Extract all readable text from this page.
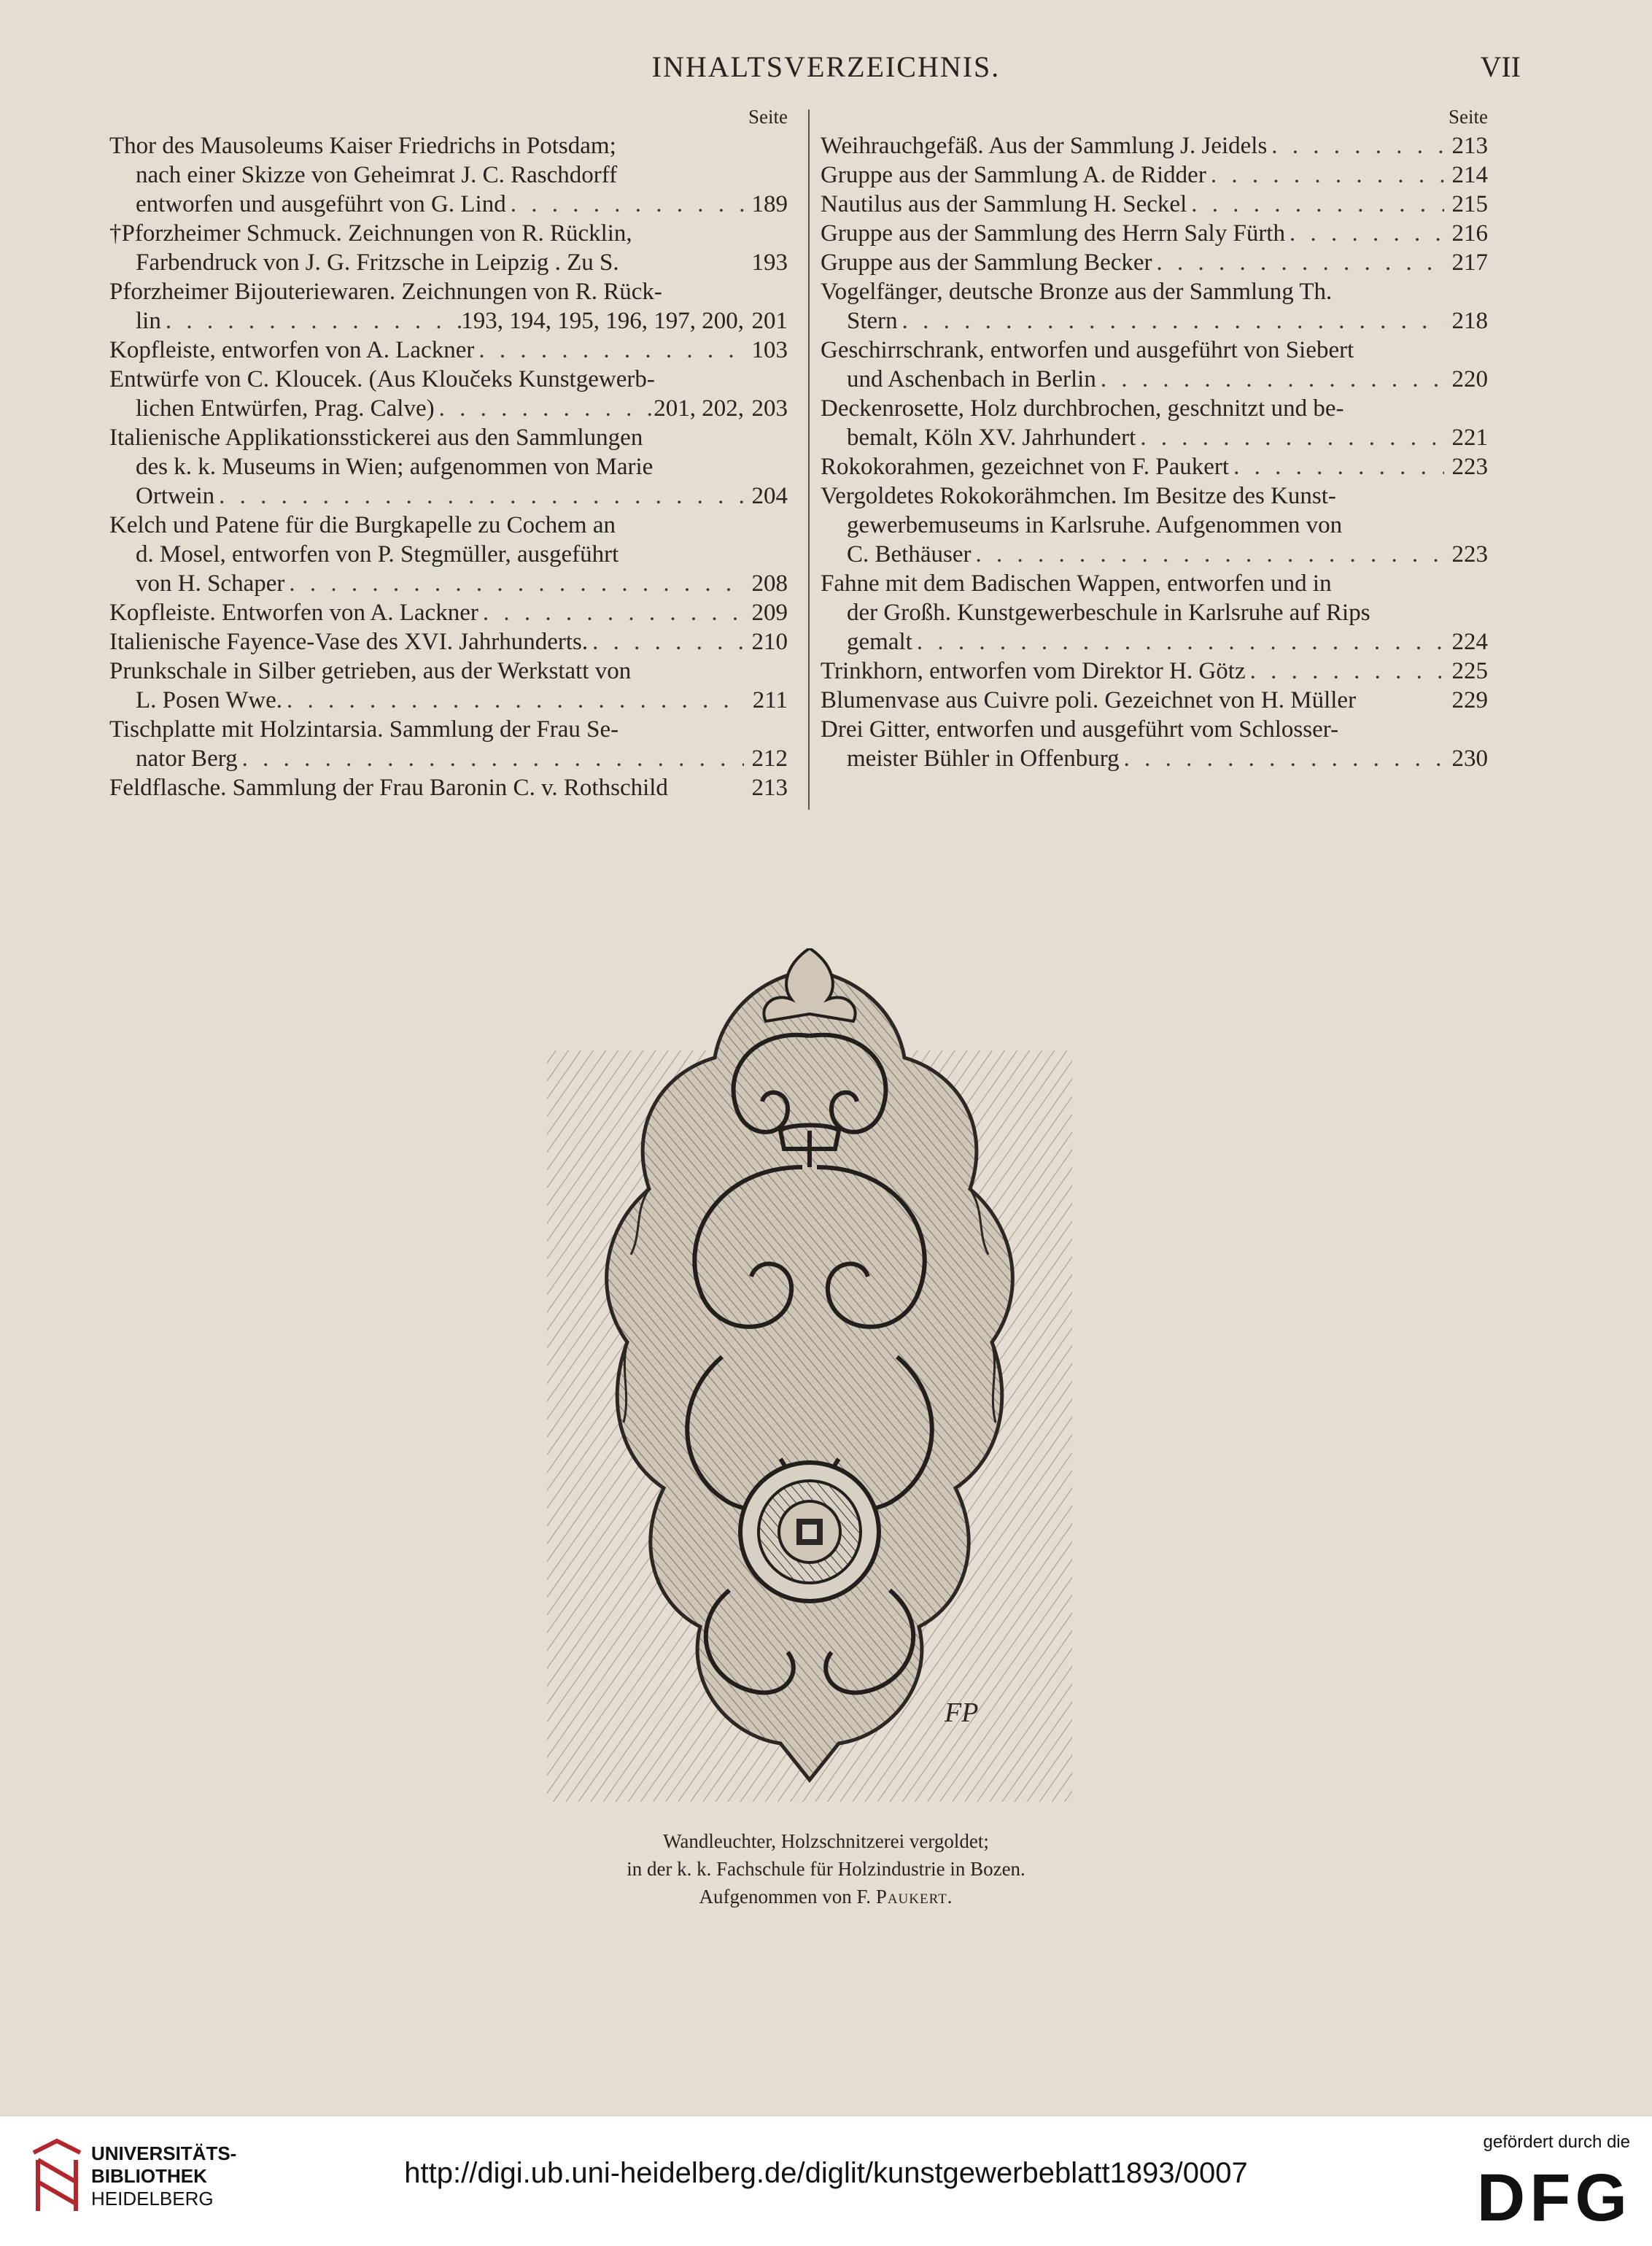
INHALTSVERZEICHNIS.	VII
Seite
Thor des Mausoleums Kaiser Friedrichs in Potsdam;
nach einer Skizze von Geheimrat J. C. Raschdorff
entworfen und ausgeführt von G. Lind . . .	189
†Pforzheimer Schmuck. Zeichnungen von R. Rücklin,
Farbendruck von J. G. Fritzsche in Leipzig . Zu S.	193
Pforzheimer Bijouteriewaren. Zeichnungen von R. Rück-
lin . . .	193, 194, 195, 196, 197, 200, 201
Kopfleiste, entworfen von A. Lackner . . .	103
Entwürfe von C. Kloucek. (Aus Kloučeks Kunstgewerb-
lichen Entwürfen, Prag. Calve) . . .	201, 202, 203
Italienische Applikationsstickerei aus den Sammlungen
des k. k. Museums in Wien; aufgenommen von Marie
Ortwein . . .	204
Kelch und Patene für die Burgkapelle zu Cochem an
d. Mosel, entworfen von P. Stegmüller, ausgeführt
von H. Schaper . . .	208
Kopfleiste. Entworfen von A. Lackner . . .	209
Italienische Fayence-Vase des XVI. Jahrhunderts. . . .	210
Prunkschale in Silber getrieben, aus der Werkstatt von
L. Posen Wwe. . . .	211
Tischplatte mit Holzintarsia. Sammlung der Frau Se-
nator Berg . . .	212
Feldflasche. Sammlung der Frau Baronin C. v. Rothschild	213
Seite
Weihrauchgefäß. Aus der Sammlung J. Jeidels . . .	213
Gruppe aus der Sammlung A. de Ridder . . .	214
Nautilus aus der Sammlung H. Seckel . . .	215
Gruppe aus der Sammlung des Herrn Saly Fürth . . .	216
Gruppe aus der Sammlung Becker . . .	217
Vogelfänger, deutsche Bronze aus der Sammlung Th.
Stern . . .	218
Geschirrschrank, entworfen und ausgeführt von Siebert
und Aschenbach in Berlin . . .	220
Deckenrosette, Holz durchbrochen, geschnitzt und be-
bemalt, Köln XV. Jahrhundert . . .	221
Rokokorahmen, gezeichnet von F. Paukert . . .	223
Vergoldetes Rokokorähmchen. Im Besitze des Kunst-
gewerbemuseums in Karlsruhe. Aufgenommen von
C. Bethäuser . . .	223
Fahne mit dem Badischen Wappen, entworfen und in
der Großh. Kunstgewerbeschule in Karlsruhe auf Rips
gemalt . . .	224
Trinkhorn, entworfen vom Direktor H. Götz . . .	225
Blumenvase aus Cuivre poli. Gezeichnet von H. Müller	229
Drei Gitter, entworfen und ausgeführt vom Schlosser-
meister Bühler in Offenburg . . .	230
FP
Wandleuchter, Holzschnitzerei vergoldet;
in der k. k. Fachschule für Holzindustrie in Bozen.
Aufgenommen von F. Paukert.
UNIVERSITÄTS-
BIBLIOTHEK
HEIDELBERG
http://digi.ub.uni-heidelberg.de/diglit/kunstgewerbeblatt1893/0007
gefördert durch die
DFG
